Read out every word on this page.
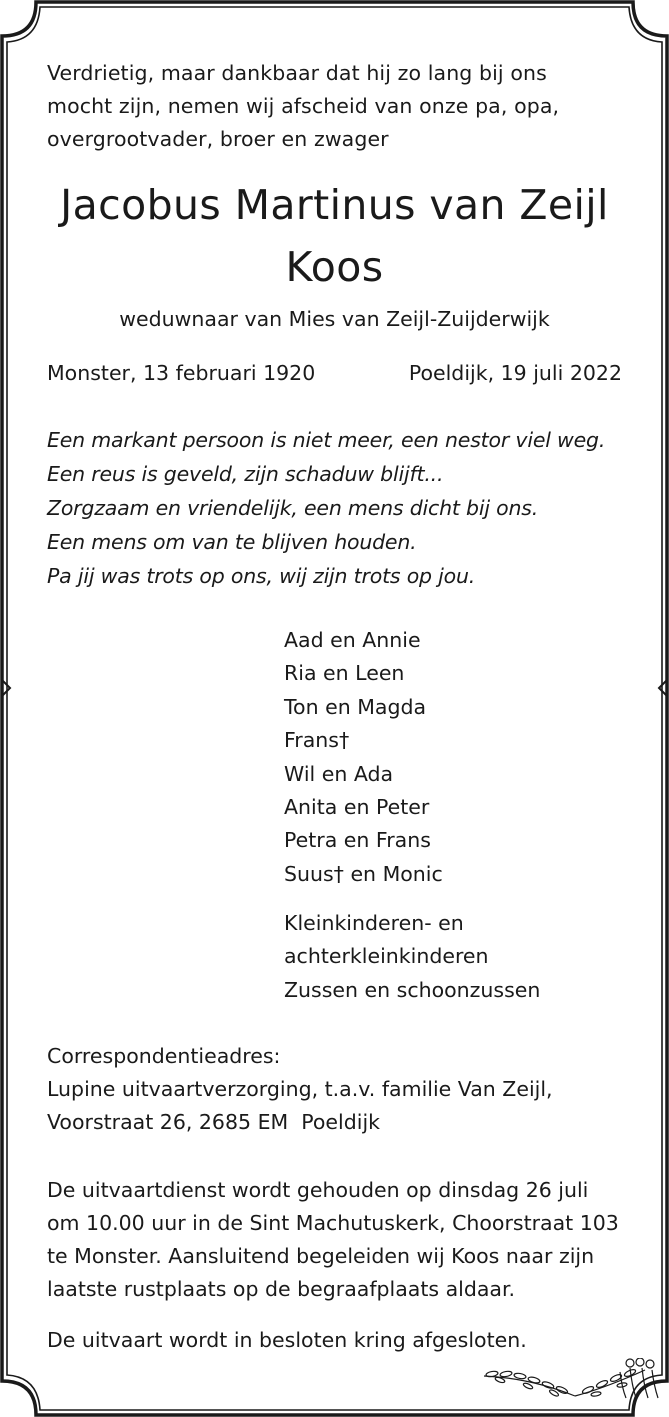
Verdrietig, maar dankbaar dat hij zo lang bij ons
mocht zijn, nemen wij afscheid van onze pa, opa,
overgrootvader, broer en zwager
Jacobus Martinus van Zeijl
Koos
weduwnaar van Mies van Zeijl-Zuijderwijk
Monster, 13 februari 1920	Poeldijk, 19 juli 2022
Een markant persoon is niet meer, een nestor viel weg.
Een reus is geveld, zijn schaduw blijft...
Zorgzaam en vriendelijk, een mens dicht bij ons.
Een mens om van te blijven houden.
Pa jij was trots op ons, wij zijn trots op jou.
Aad en Annie
Ria en Leen
Ton en Magda
Frans†
Wil en Ada
Anita en Peter
Petra en Frans
Suus† en Monic
Kleinkinderen- en
achterkleinkinderen
Zussen en schoonzussen
Correspondentieadres:
Lupine uitvaartverzorging, t.a.v. familie Van Zeijl,
Voorstraat 26, 2685 EM  Poeldijk
De uitvaartdienst wordt gehouden op dinsdag 26 juli
om 10.00 uur in de Sint Machutuskerk, Choorstraat 103
te Monster. Aansluitend begeleiden wij Koos naar zijn
laatste rustplaats op de begraafplaats aldaar.
De uitvaart wordt in besloten kring afgesloten.
